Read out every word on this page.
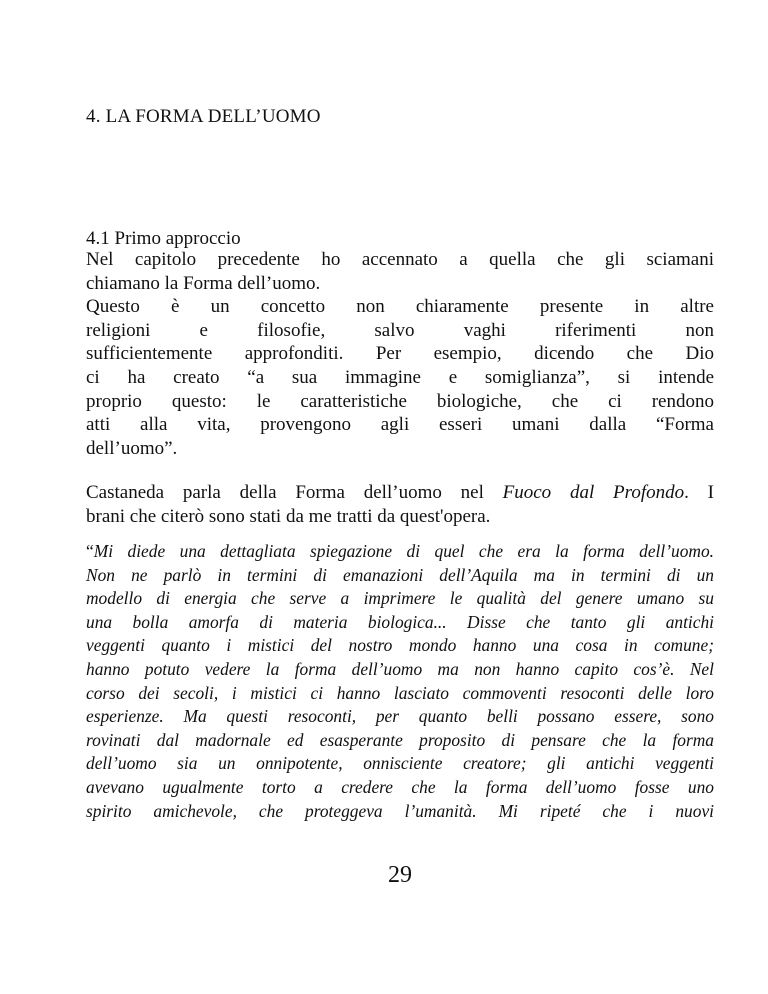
4. LA FORMA DELL’UOMO
4.1 Primo approccio

Nel capitolo precedente ho accennato a quella che gli sciamani
chiamano la Forma dell’uomo.
Questo è un concetto non chiaramente presente in altre
religioni e filosofie, salvo vaghi riferimenti non
sufficientemente approfonditi. Per esempio, dicendo che Dio
ci ha creato “a sua immagine e somiglianza”, si intende
proprio questo: le caratteristiche biologiche, che ci rendono
atti alla vita, provengono agli esseri umani dalla “Forma
dell’uomo”.

Castaneda parla della Forma dell’uomo nel Fuoco dal Profondo. I
brani che citerò sono stati da me tratti da quest'opera.

“Mi diede una dettagliata spiegazione di quel che era la forma dell’uomo.
Non ne parlò in termini di emanazioni dell’Aquila ma in termini di un
modello di energia che serve a imprimere le qualità del genere umano su
una bolla amorfa di materia biologica... Disse che tanto gli antichi
veggenti quanto i mistici del nostro mondo hanno una cosa in comune;
hanno potuto vedere la forma dell’uomo ma non hanno capito cos’è. Nel
corso dei secoli, i mistici ci hanno lasciato commoventi resoconti delle loro
esperienze. Ma questi resoconti, per quanto belli possano essere, sono
rovinati dal madornale ed esasperante proposito di pensare che la forma
dell’uomo sia un onnipotente, onnisciente creatore; gli antichi veggenti
avevano ugualmente torto a credere che la forma dell’uomo fosse uno
spirito amichevole, che proteggeva l’umanità. Mi ripeté che i nuovi

29
